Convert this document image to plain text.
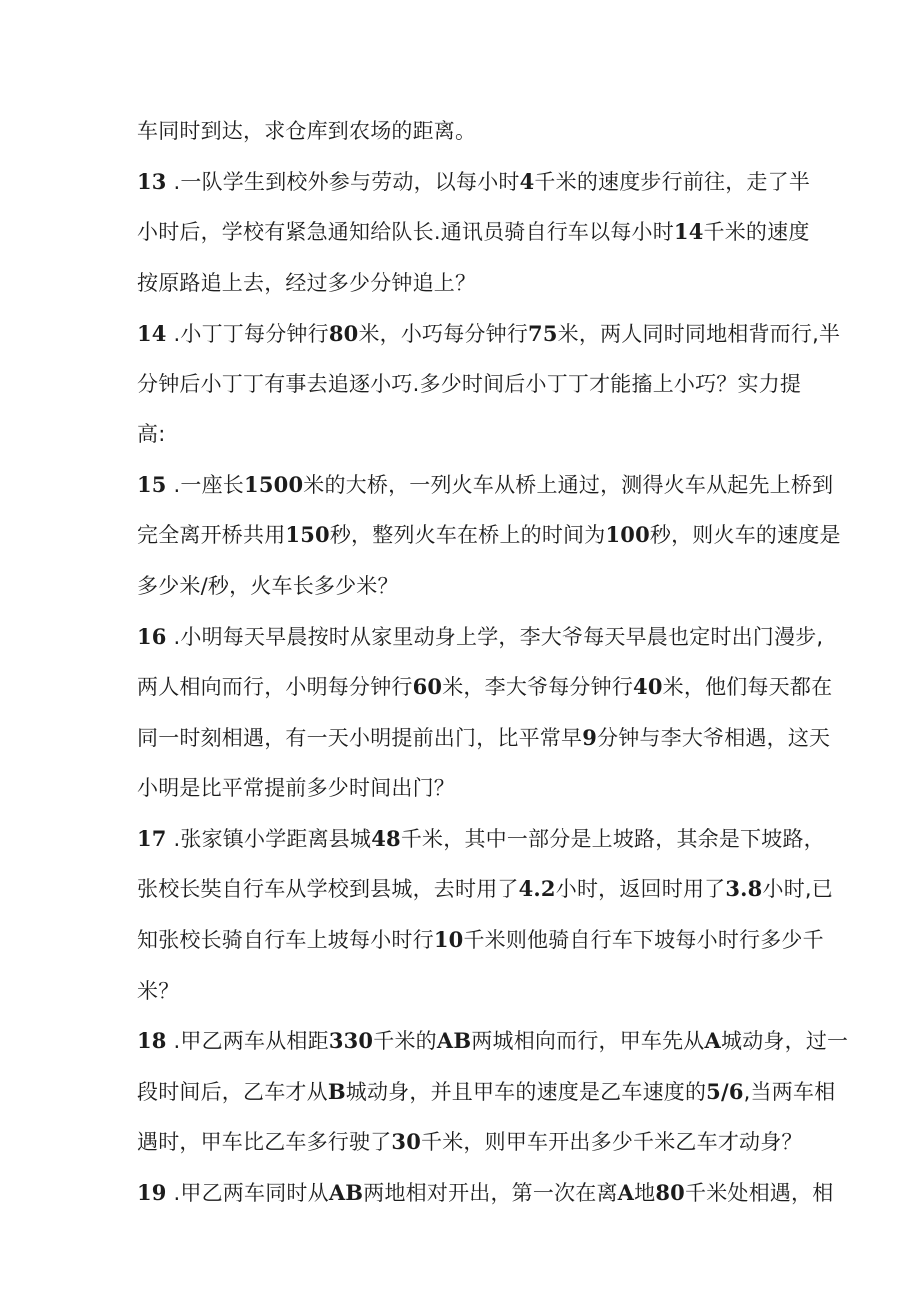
车同时到达，求仓库到农场的距离。
13 .一队学生到校外参与劳动，以每小时4千米的速度步行前往，走了半
小时后，学校有紧急通知给队长.通讯员骑自行车以每小时14千米的速度
按原路追上去，经过多少分钟追上？
14 .小丁丁每分钟行80米，小巧每分钟行75米，两人同时同地相背而行,半
分钟后小丁丁有事去追逐小巧.多少时间后小丁丁才能搐上小巧？实力提
高:
15 .一座长1500米的大桥，一列火车从桥上通过，测得火车从起先上桥到
完全离开桥共用150秒，整列火车在桥上的时间为100秒，则火车的速度是
多少米/秒，火车长多少米？
16 .小明每天早晨按时从家里动身上学，李大爷每天早晨也定时出门漫步,
两人相向而行，小明每分钟行60米，李大爷每分钟行40米，他们每天都在
同一时刻相遇，有一天小明提前出门，比平常早9分钟与李大爷相遇，这天
小明是比平常提前多少时间出门？
17 .张家镇小学距离县城48千米，其中一部分是上坡路，其余是下坡路，
张校长奘自行车从学校到县城，去时用了4.2小时，返回时用了3.8小时,已
知张校长骑自行车上坡每小时行10千米则他骑自行车下坡每小时行多少千
米？
18 .甲乙两车从相距330千米的AB两城相向而行，甲车先从A城动身，过一
段时间后，乙车才从B城动身，并且甲车的速度是乙车速度的5/6,当两车相
遇时，甲车比乙车多行驶了30千米，则甲车开出多少千米乙车才动身？
19 .甲乙两车同时从AB两地相对开出，第一次在离A地80千米处相遇，相
